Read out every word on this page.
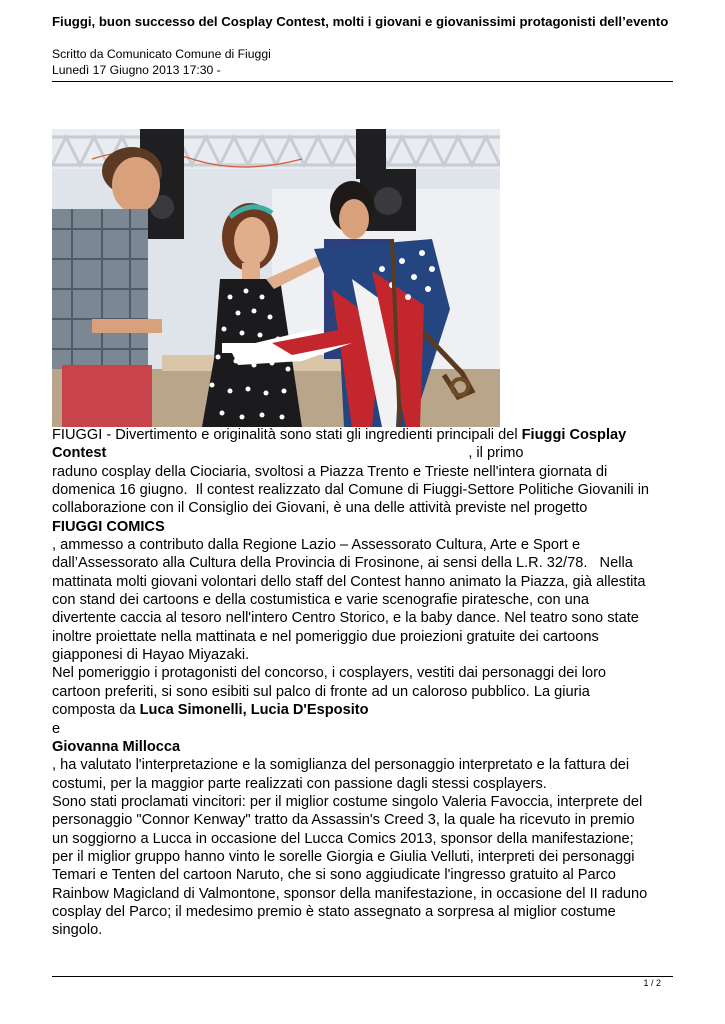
Fiuggi, buon successo del Cosplay Contest, molti i giovani e giovanissimi protagonisti dell’evento
Scritto da Comunicato Comune di Fiuggi
Lunedì 17 Giugno 2013 17:30 -

FIUGGI - Divertimento e originalità sono stati gli ingredienti principali del Fiuggi Cosplay
Contest	, il primo
raduno cosplay della Ciociaria, svoltosi a Piazza Trento e Trieste nell'intera giornata di domenica 16 giugno.  Il contest realizzato dal Comune di Fiuggi-Settore Politiche Giovanili in collaborazione con il Consiglio dei Giovani, è una delle attività previste nel progetto
FIUGGI COMICS
, ammesso a contributo dalla Regione Lazio – Assessorato Cultura, Arte e Sport e dall’Assessorato alla Cultura della Provincia di Frosinone, ai sensi della L.R. 32/78.   Nella mattinata molti giovani volontari dello staff del Contest hanno animato la Piazza, già allestita con stand dei cartoons e della costumistica e varie scenografie piratesche, con una divertente caccia al tesoro nell'intero Centro Storico, e la baby dance. Nel teatro sono state inoltre proiettate nella mattinata e nel pomeriggio due proiezioni gratuite dei cartoons giapponesi di Hayao Miyazaki.

Nel pomeriggio i protagonisti del concorso, i cosplayers, vestiti dai personaggi dei loro cartoon preferiti, si sono esibiti sul palco di fronte ad un caloroso pubblico. La giuria composta da Luca Simonelli, Lucia D'Esposito
e
Giovanna Millocca
, ha valutato l'interpretazione e la somiglianza del personaggio interpretato e la fattura dei costumi, per la maggior parte realizzati con passione dagli stessi cosplayers.

Sono stati proclamati vincitori: per il miglior costume singolo Valeria Favoccia, interprete del personaggio "Connor Kenway" tratto da Assassin's Creed 3, la quale ha ricevuto in premio un soggiorno a Lucca in occasione del Lucca Comics 2013, sponsor della manifestazione; per il miglior gruppo hanno vinto le sorelle Giorgia e Giulia Velluti, interpreti dei personaggi Temari e Tenten del cartoon Naruto, che si sono aggiudicate l'ingresso gratuito al Parco Rainbow Magicland di Valmontone, sponsor della manifestazione, in occasione del II raduno cosplay del Parco; il medesimo premio è stato assegnato a sorpresa al miglior costume singolo.

1 / 2
